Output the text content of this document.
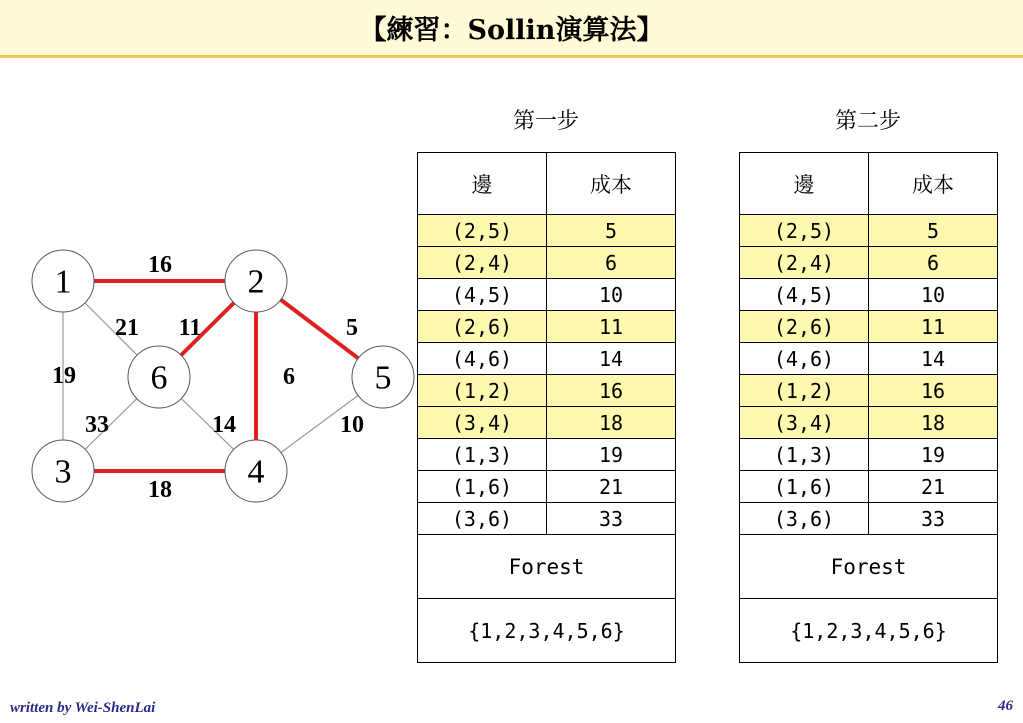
【練習：Sollin演算法】
1	2
3	4
5
6
16
21
19
11
6
5
33	14
18
10
第一步	第二步
邊	成本
(2,5)	5
(2,4)	6
(4,5)	10
(2,6)	11
(4,6)	14
(1,2)	16
(3,4)	18
(1,3)	19
(1,6)	21
(3,6)	33
Forest	
{1,2,3,4,5,6}	
邊	成本
(2,5)	5
(2,4)	6
(4,5)	10
(2,6)	11
(4,6)	14
(1,2)	16
(3,4)	18
(1,3)	19
(1,6)	21
(3,6)	33
Forest	
{1,2,3,4,5,6}	
written by Wei-ShenLai	46
